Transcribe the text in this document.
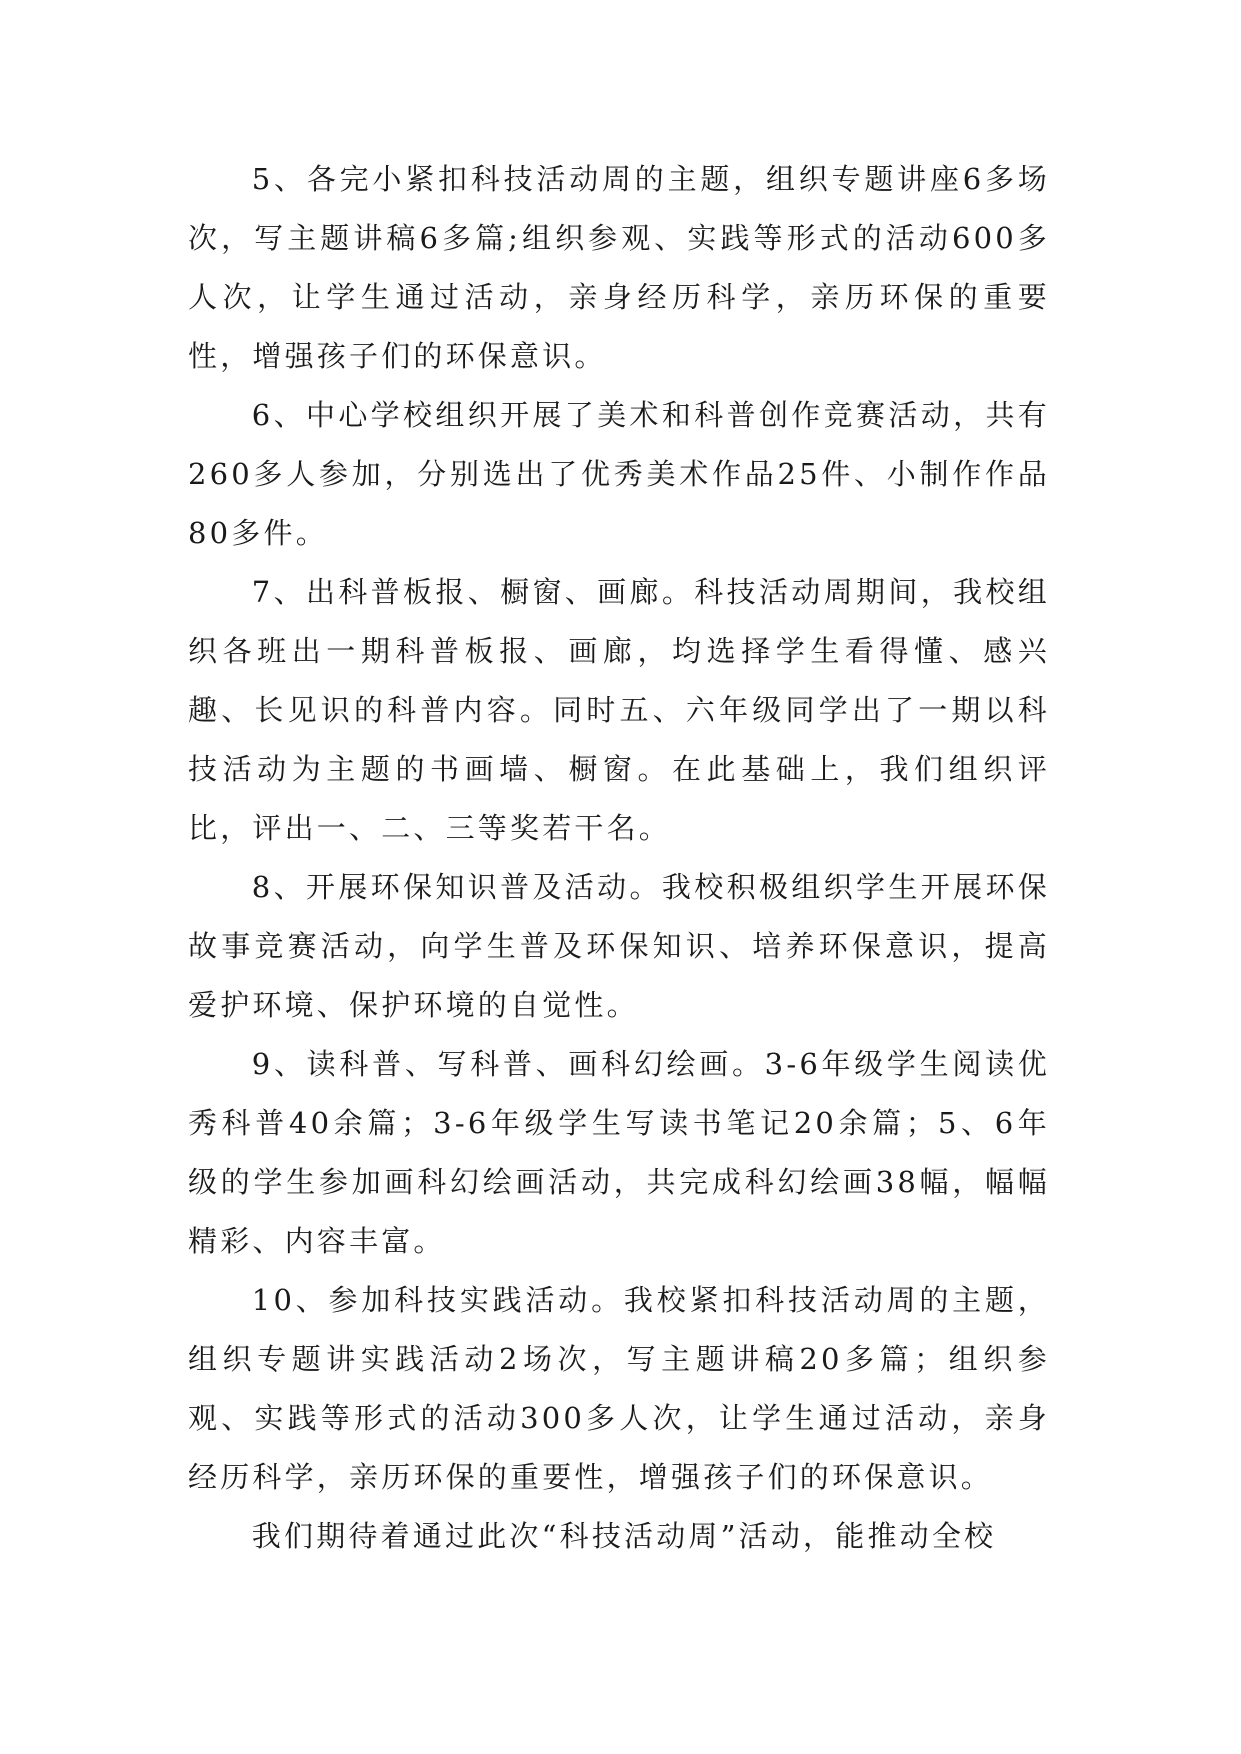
5、各完小紧扣科技活动周的主题，组织专题讲座6多场次，写主题讲稿6多篇;组织参观、实践等形式的活动600多人次，让学生通过活动，亲身经历科学，亲历环保的重要性，增强孩子们的环保意识。

6、中心学校组织开展了美术和科普创作竞赛活动，共有260多人参加，分别选出了优秀美术作品25件、小制作作品80多件。

7、出科普板报、橱窗、画廊。科技活动周期间，我校组织各班出一期科普板报、画廊，均选择学生看得懂、感兴趣、长见识的科普内容。同时五、六年级同学出了一期以科技活动为主题的书画墙、橱窗。在此基础上，我们组织评比，评出一、二、三等奖若干名。

8、开展环保知识普及活动。我校积极组织学生开展环保故事竞赛活动，向学生普及环保知识、培养环保意识，提高爱护环境、保护环境的自觉性。

9、读科普、写科普、画科幻绘画。3-6年级学生阅读优秀科普40余篇；3-6年级学生写读书笔记20余篇；5、6年级的学生参加画科幻绘画活动，共完成科幻绘画38幅，幅幅精彩、内容丰富。

10、参加科技实践活动。我校紧扣科技活动周的主题，组织专题讲实践活动2场次，写主题讲稿20多篇；组织参观、实践等形式的活动300多人次，让学生通过活动，亲身经历科学，亲历环保的重要性，增强孩子们的环保意识。

我们期待着通过此次“科技活动周”活动，能推动全校
